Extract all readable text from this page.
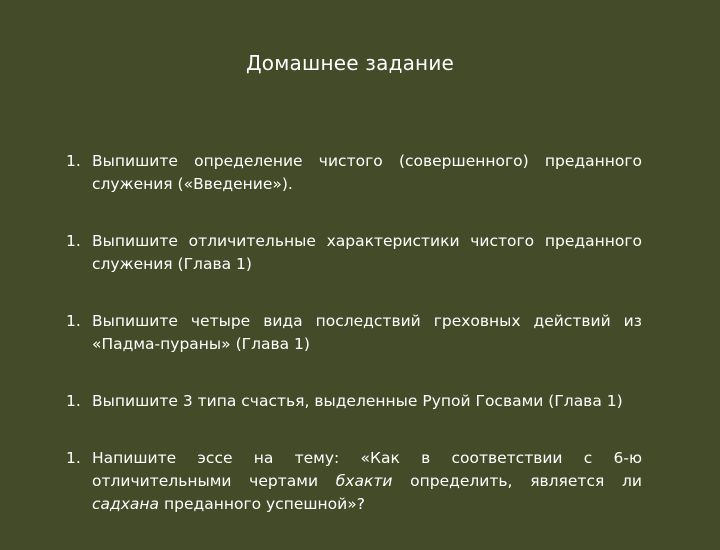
Домашнее задание
1. Выпишите определение чистого (совершенного) преданного служения («Введение»).
1. Выпишите отличительные характеристики чистого преданного служения (Глава 1)
1. Выпишите четыре вида последствий греховных действий из «Падма-пураны» (Глава 1)
1. Выпишите 3 типа счастья, выделенные Рупой Госвами (Глава 1)
1. Напишите эссе на тему: «Как в соответствии с 6-ю отличительными чертами бхакти определить, является ли садхана преданного успешной»?
